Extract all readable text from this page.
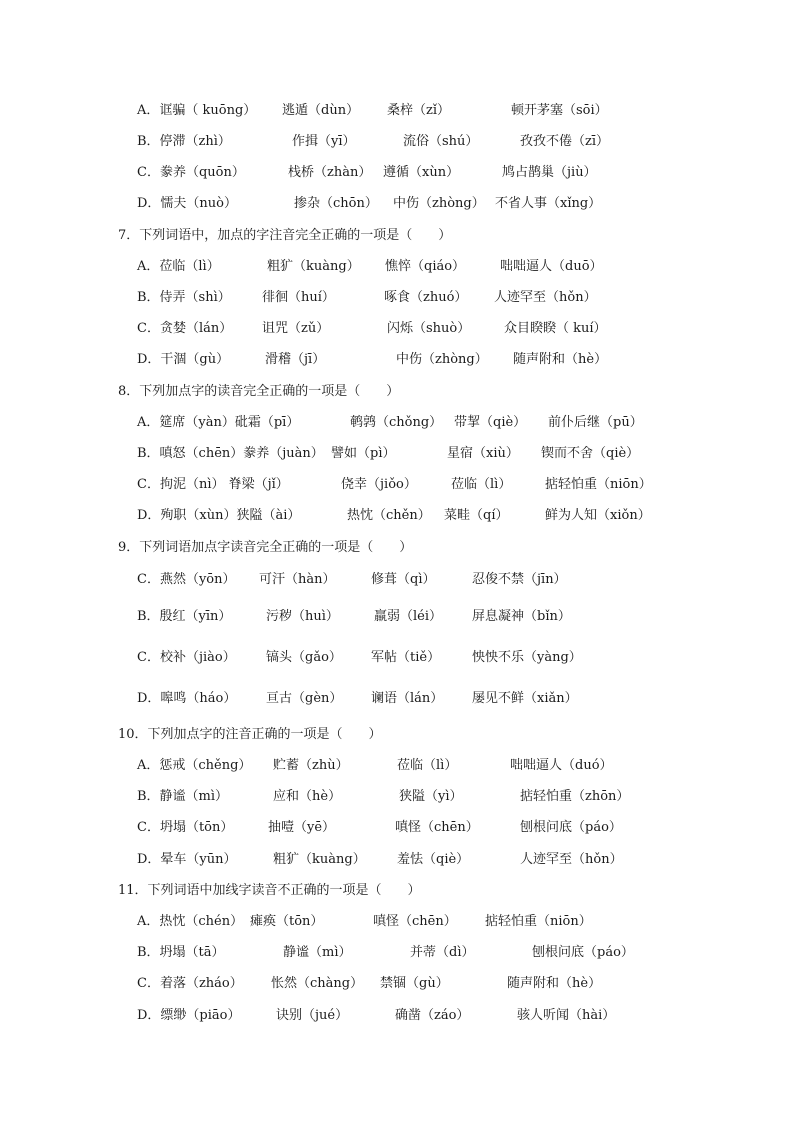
A．诓骗（ kuōng） 逃遁（dùn） 桑梓（zǐ）	顿开茅塞（sōi）
B．停滞（zhì）	作揖（yī）	流俗（shú）	孜孜不倦（zī）
C．豢养（quōn）	栈桥（zhàn） 遵循（xùn）	鸠占鹊巢（jiù）
D．懦夫（nuò）	掺杂（chōn） 中伤（zhòng） 不省人事（xǐng）
7．下列词语中，加点的字注音完全正确的一项是（　　）
A．莅临（lì）	粗犷（kuàng） 憔悴（qiáo）	咄咄逼人（duō）
B．侍弄（shì） 徘徊（huí）	啄食（zhuó） 人迹罕至（hǒn）
C．贪婪（lán） 诅咒（zǔ）	闪烁（shuò）	众目睽睽（ kuí）
D．干涸（gù）	滑稽（jī）	中伤（zhòng） 随声附和（hè）
8．下列加点字的读音完全正确的一项是（　　）
A．筵席（yàn）砒霜（pī）	鹌鹑（chǒng） 带挈（qiè） 前仆后继（pū）
B．嗔怒（chēn）豢养（juàn） 譬如（pì）	星宿（xiù） 锲而不舍（qiè）
C．拘泥（nì） 脊梁（jǐ）	侥幸（jiǒo）	莅临（lì）	掂轻怕重（niōn）
D．殉职（xùn）狭隘（ài）	热忱（chěn） 菜畦（qí）	鲜为人知（xiǒn）
9．下列词语加点字读音完全正确的一项是（　　）
C．燕然（yōn） 可汗（hàn）	修葺（qì）	忍俊不禁（jīn）
B．殷红（yīn）	污秽（huì）	羸弱（léi） 屏息凝神（bǐn）
C．校补（jiào） 镐头（gǎo） 军帖（tiě） 怏怏不乐（yàng）
D．嗥鸣（háo） 亘古（gèn） 谰语（lán） 屡见不鲜（xiǎn）
10．下列加点字的注音正确的一项是（　　）
A．惩戒（chěng） 贮蓄（zhù）	莅临（lì）	咄咄逼人（duó）
B．静谧（mì）	应和（hè）	狭隘（yì）	掂轻怕重（zhōn）
C．坍塌（tōn）	抽噎（yē）	嗔怪（chēn）	刨根问底（páo）
D．晕车（yūn）	粗犷（kuàng） 羞怯（qiè）	人迹罕至（hǒn）
11．下列词语中加线字读音不正确的一项是（　　）
A．热忱（chén） 瘫痪（tōn）	嗔怪（chēn） 掂轻怕重（niōn）
B．坍塌（tā）	静谧（mì）	并蒂（dì）	刨根问底（páo）
C．着落（zháo） 怅然（chàng） 禁锢（gù）	随声附和（hè）
D．缥缈（piāo）	诀别（jué）	确凿（záo）	骇人听闻（hài）
